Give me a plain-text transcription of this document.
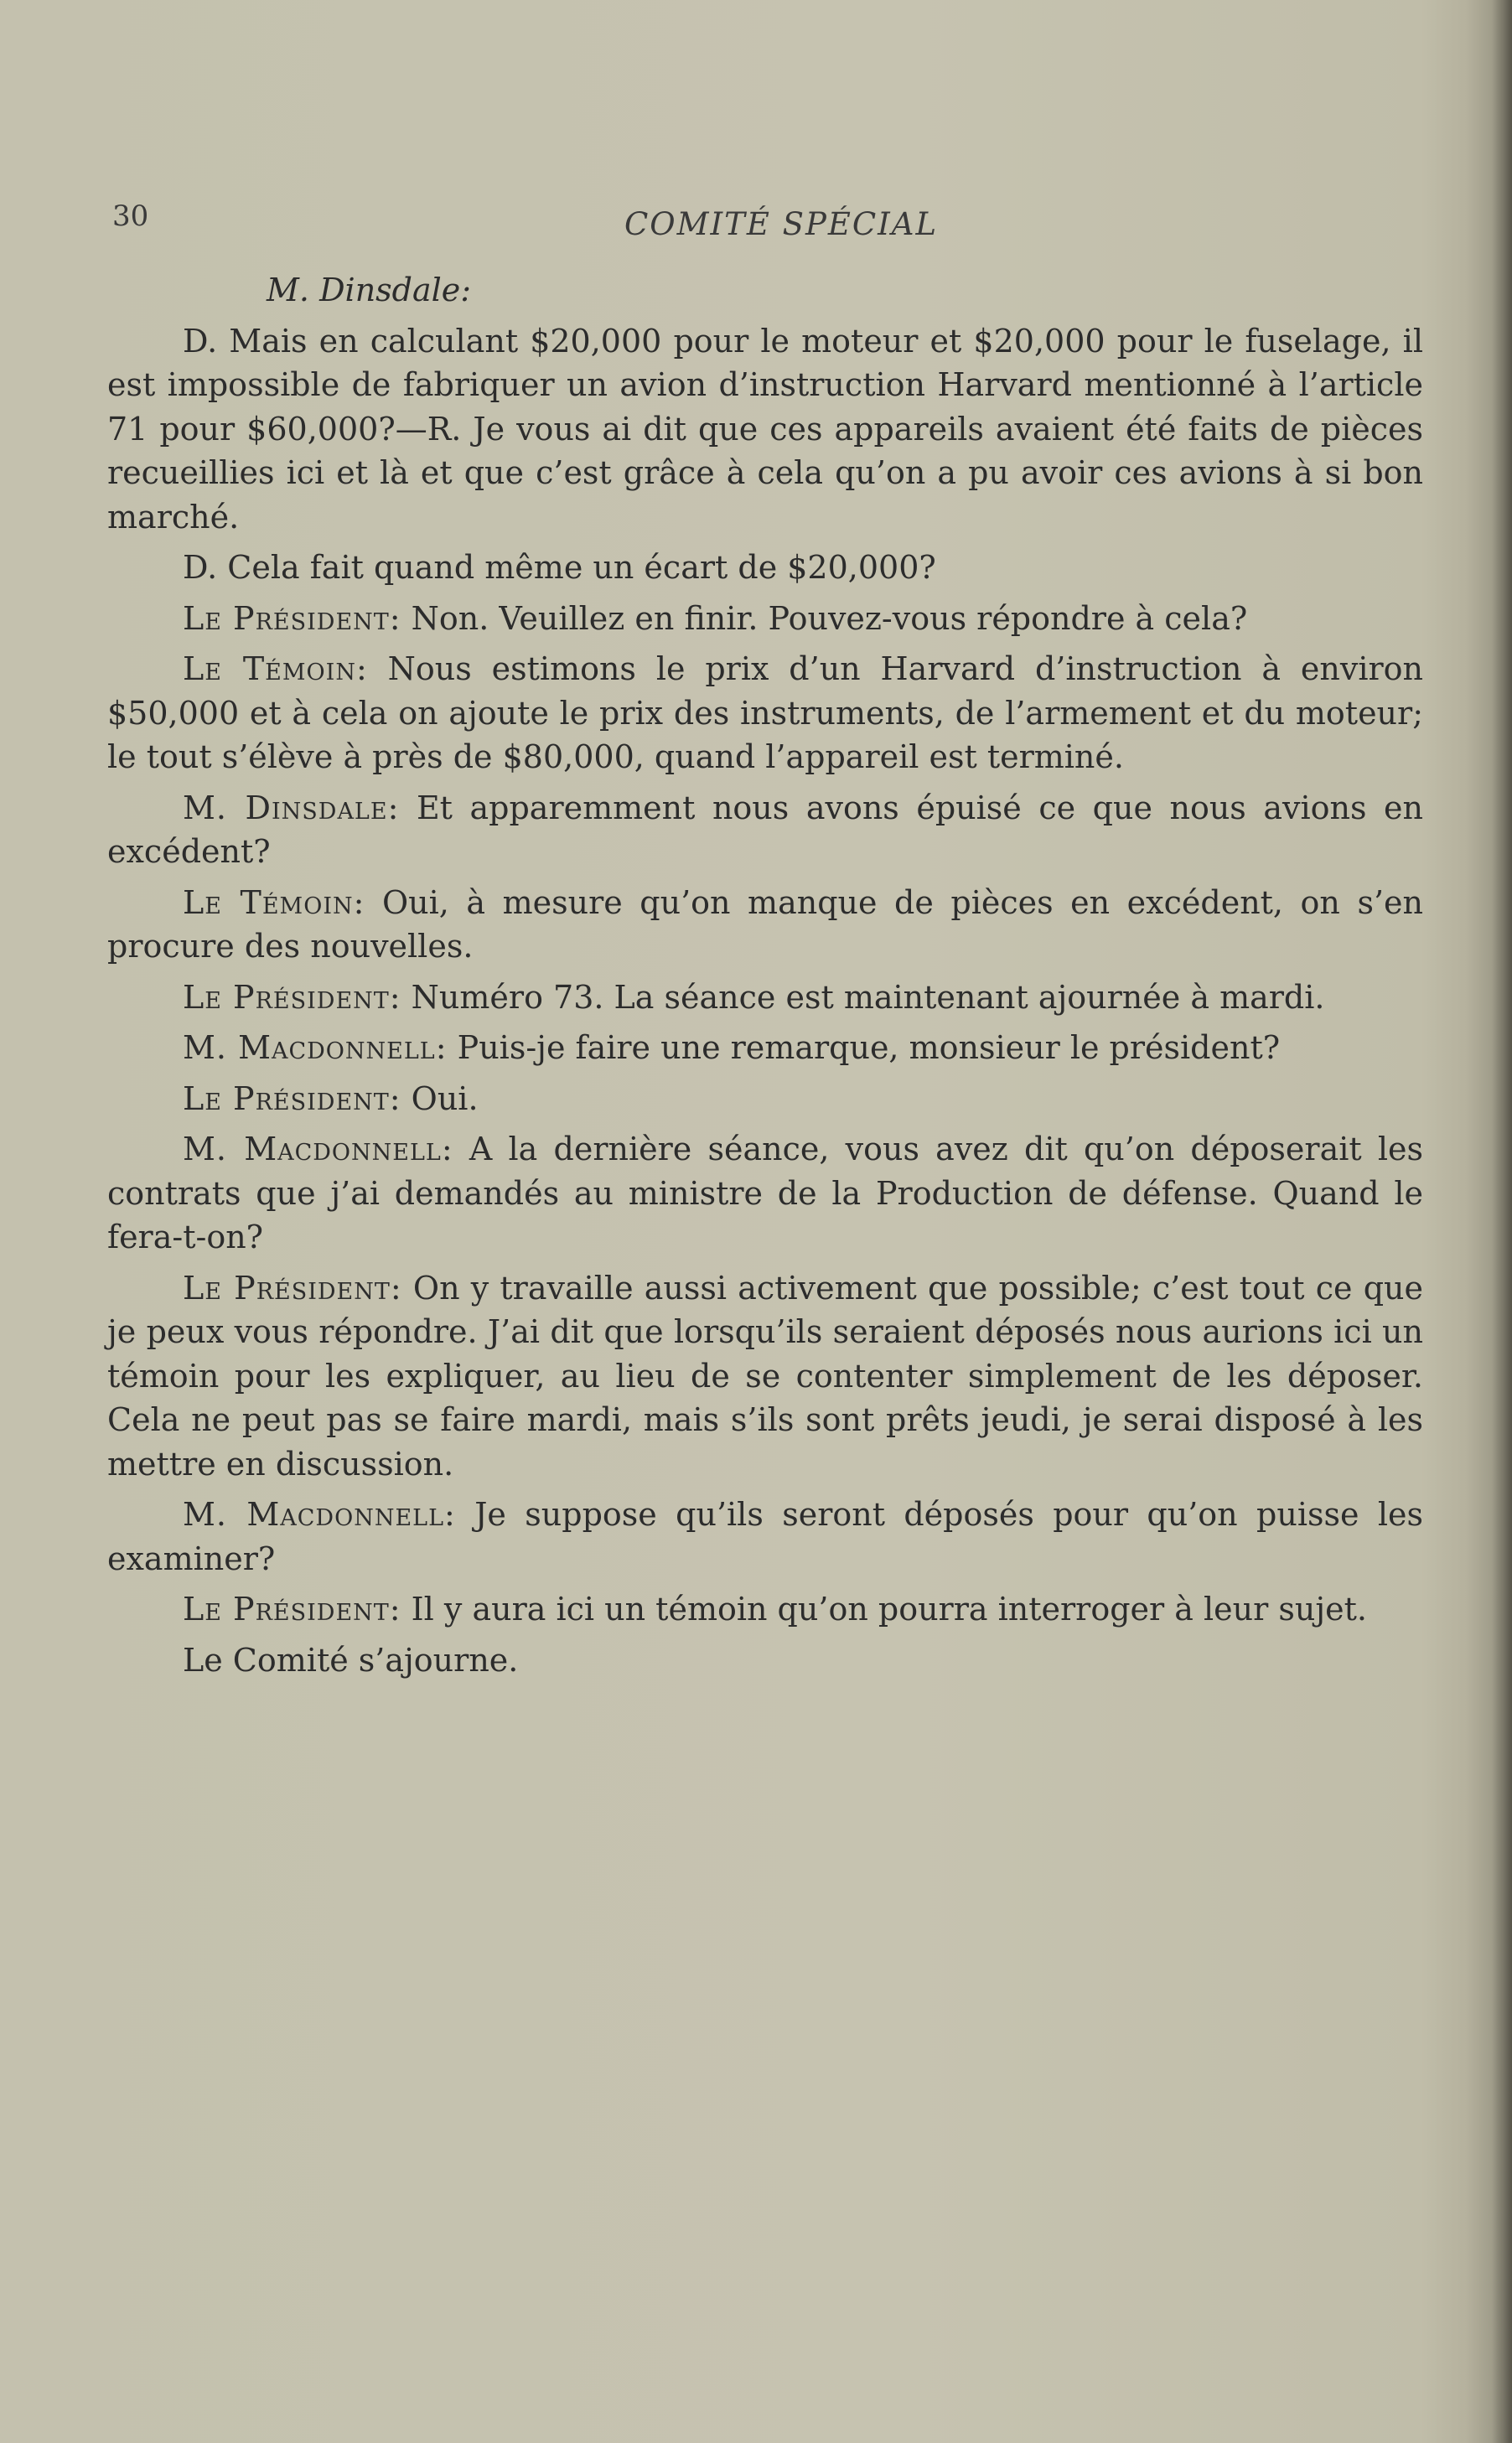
30	COMITÉ SPÉCIAL

M. Dinsdale:

D. Mais en calculant $20,000 pour le moteur et $20,000 pour le fuselage, il est impossible de fabriquer un avion d’instruction Harvard mentionné à l’article 71 pour $60,000?—R. Je vous ai dit que ces appareils avaient été faits de pièces recueillies ici et là et que c’est grâce à cela qu’on a pu avoir ces avions à si bon marché.

D. Cela fait quand même un écart de $20,000?

Le Président: Non. Veuillez en finir. Pouvez-vous répondre à cela?

Le Témoin: Nous estimons le prix d’un Harvard d’instruction à environ $50,000 et à cela on ajoute le prix des instruments, de l’armement et du moteur; le tout s’élève à près de $80,000, quand l’appareil est terminé.

M. Dinsdale: Et apparemment nous avons épuisé ce que nous avions en excédent?

Le Témoin: Oui, à mesure qu’on manque de pièces en excédent, on s’en procure des nouvelles.

Le Président: Numéro 73. La séance est maintenant ajournée à mardi.

M. Macdonnell: Puis-je faire une remarque, monsieur le président?

Le Président: Oui.

M. Macdonnell: A la dernière séance, vous avez dit qu’on déposerait les contrats que j’ai demandés au ministre de la Production de défense. Quand le fera-t-on?

Le Président: On y travaille aussi activement que possible; c’est tout ce que je peux vous répondre. J’ai dit que lorsqu’ils seraient déposés nous aurions ici un témoin pour les expliquer, au lieu de se contenter simplement de les déposer. Cela ne peut pas se faire mardi, mais s’ils sont prêts jeudi, je serai disposé à les mettre en discussion.

M. Macdonnell: Je suppose qu’ils seront déposés pour qu’on puisse les examiner?

Le Président: Il y aura ici un témoin qu’on pourra interroger à leur sujet.

Le Comité s’ajourne.
